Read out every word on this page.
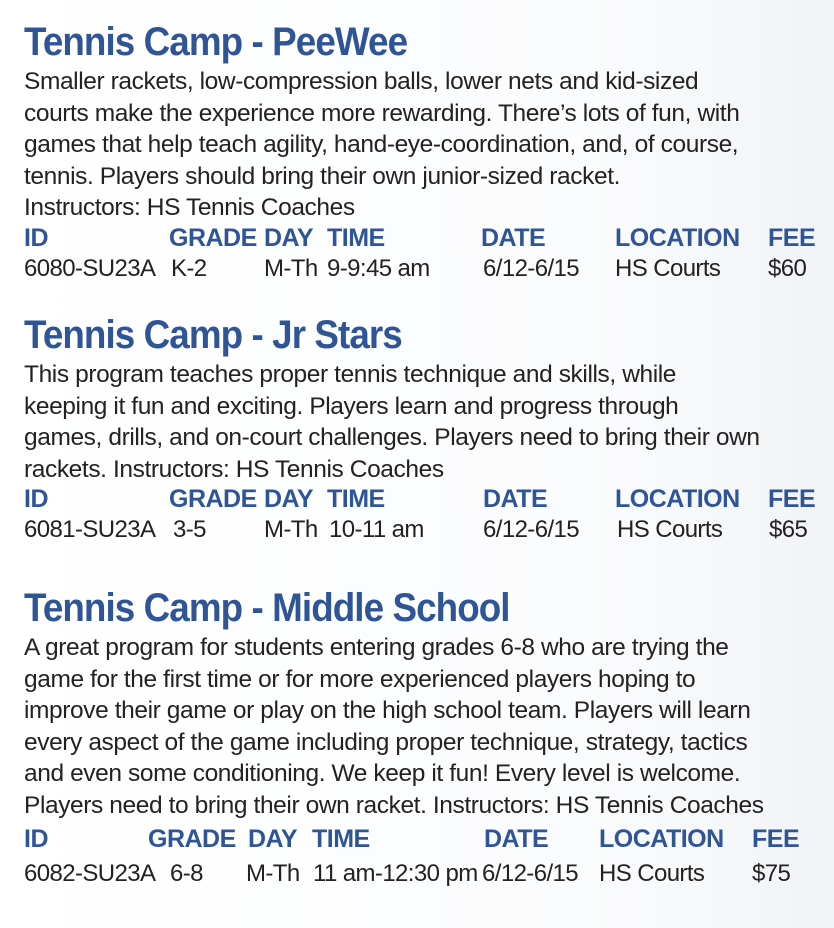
Tennis Camp - PeeWee

Smaller rackets, low-compression balls, lower nets and kid-sized
courts make the experience more rewarding. There’s lots of fun, with
games that help teach agility, hand-eye-coordination, and, of course,
tennis. Players should bring their own junior-sized racket.
Instructors: HS Tennis Coaches

ID	GRADE DAY TIME	DATE	LOCATION FEE
6080-SU23A K-2 M-Th 9-9:45 am 6/12-6/15 HS Courts $60
Tennis Camp - Jr Stars

This program teaches proper tennis technique and skills, while
keeping it fun and exciting. Players learn and progress through
games, drills, and on-court challenges. Players need to bring their own
rackets. Instructors: HS Tennis Coaches

ID	GRADE DAY TIME	DATE	LOCATION FEE
6081-SU23A 3-5 M-Th 10-11 am 6/12-6/15 HS Courts $65
Tennis Camp - Middle School

A great program for students entering grades 6-8 who are trying the
game for the first time or for more experienced players hoping to
improve their game or play on the high school team. Players will learn
every aspect of the game including proper technique, strategy, tactics
and even some conditioning. We keep it fun! Every level is welcome.
Players need to bring their own racket. Instructors: HS Tennis Coaches

ID	GRADE DAY TIME	DATE LOCATION FEE
6082-SU23A 6-8 M-Th 11 am-12:30 pm 6/12-6/15 HS Courts $75
